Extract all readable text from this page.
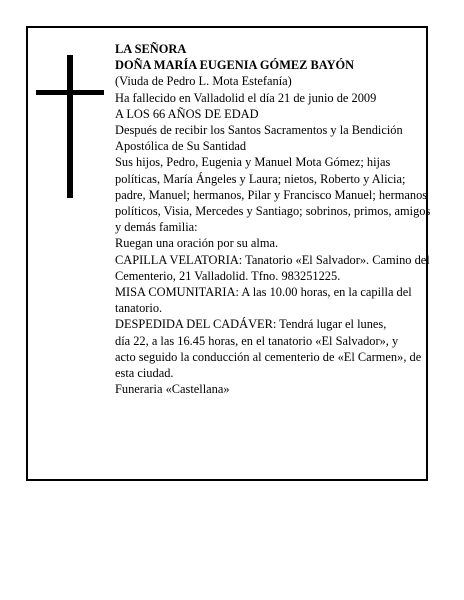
LA SEÑORA

DOÑA MARÍA EUGENIA GÓMEZ BAYÓN

(Viuda de Pedro L. Mota Estefanía)

Ha fallecido en Valladolid el día 21 de junio de 2009

A LOS 66 AÑOS DE EDAD

Después de recibir los Santos Sacramentos y la Bendición Apostólica de Su Santidad

Sus hijos, Pedro, Eugenia y Manuel Mota Gómez; hijas políticas, María Ángeles y Laura; nietos, Roberto y Alicia; padre, Manuel; hermanos, Pilar y Francisco Manuel; hermanos políticos, Visia, Mercedes y Santiago; sobrinos, primos, amigos y demás familia:

Ruegan una oración por su alma.

CAPILLA VELATORIA: Tanatorio «El Salvador». Camino del Cementerio, 21 Valladolid. Tfno. 983251225.

MISA COMUNITARIA: A las 10.00 horas, en la capilla del tanatorio.

DESPEDIDA DEL CADÁVER: Tendrá lugar el lunes,
día 22, a las 16.45 horas, en el tanatorio «El Salvador», y
acto seguido la conducción al cementerio de «El Carmen», de esta ciudad.

Funeraria «Castellana»
